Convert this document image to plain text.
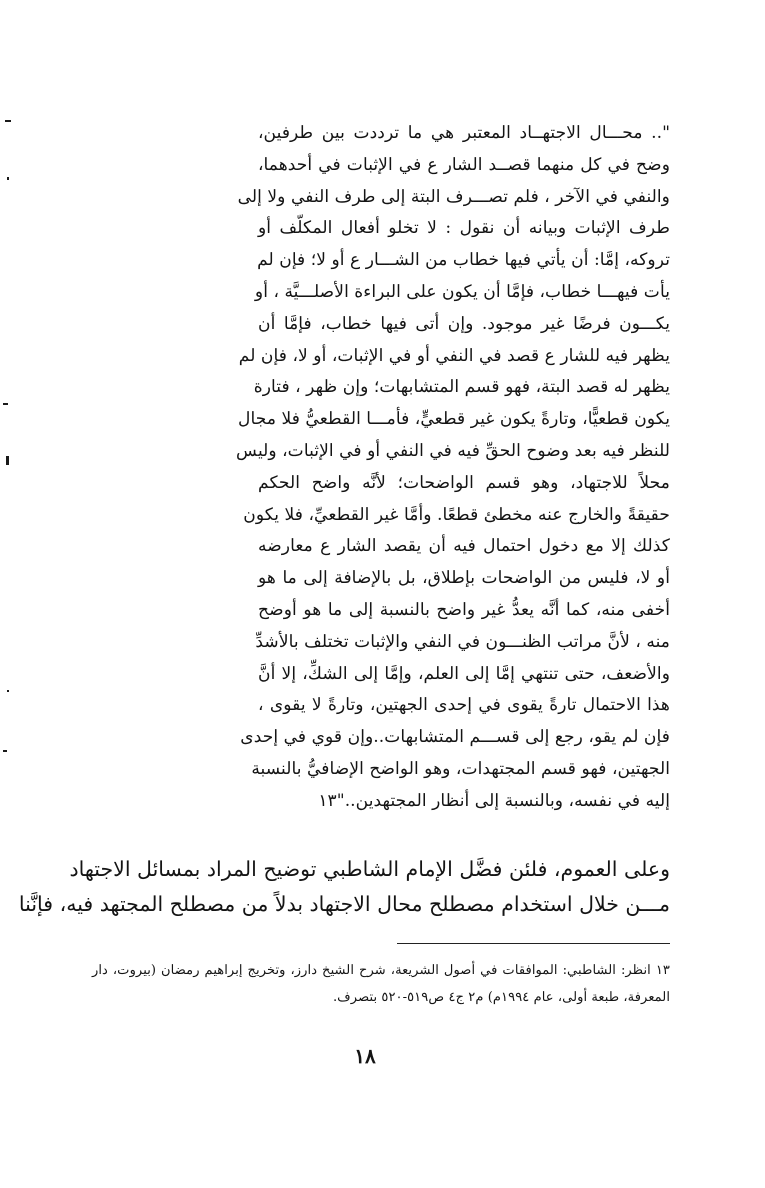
".. محـــال الاجتهــاد المعتبر هي ما ترددت بين طرفين،
وضح في كل منهما قصــد الشار ع في الإثبات في أحدهما،
والنفي في الآخر ، فلم تصـــرف البتة إلى طرف النفي ولا إلى
طرف الإثبات وبيانه أن نقول : لا تخلو أفعال المكلّف أو
تروكه، إمَّا: أن يأتي فيها خطاب من الشـــار ع أو لا؛ فإن لم
يأت فيهـــا خطاب، فإمَّا أن يكون على البراءة الأصلـــيَّة ، أو
يكـــون فرضًا غير موجود. وإن أتى فيها خطاب، فإمَّا أن
يظهر فيه للشار ع قصد في النفي أو في الإثبات، أو لا، فإن لم
يظهر له قصد البتة، فهو قسم المتشابهات؛ وإن ظهر ، فتارة
يكون قطعيًّا، وتارةً يكون غير قطعيٍّ، فأمـــا القطعيُّ فلا مجال
للنظر فيه بعد وضوح الحقِّ فيه في النفي أو في الإثبات، وليس
محلاً للاجتهاد، وهو قسم الواضحات؛ لأنَّه واضح الحكم
حقيقةً والخارج عنه مخطئ قطعًا. وأمَّا غير القطعيِّ، فلا يكون
كذلك إلا مع دخول احتمال فيه أن يقصد الشار ع معارضه
أو لا، فليس من الواضحات بإطلاق، بل بالإضافة إلى ما هو
أخفى منه، كما أنَّه يعدُّ غير واضح بالنسبة إلى ما هو أوضح
منه ، لأنَّ مراتب الظنـــون في النفي والإثبات تختلف بالأشدِّ
والأضعف، حتى تنتهي إمَّا إلى العلم، وإمَّا إلى الشكِّ، إلا أنَّ
هذا الاحتمال تارةً يقوى في إحدى الجهتين، وتارةً لا يقوى ،
فإن لم يقو، رجع إلى قســـم المتشابهات..وإن قوي في إحدى
الجهتين، فهو قسم المجتهدات، وهو الواضح الإضافيُّ بالنسبة
إليه في نفسه، وبالنسبة إلى أنظار المجتهدين.."١٣
وعلى العموم، فلئن فضَّل الإمام الشاطبي توضيح المراد بمسائل الاجتهاد
مـــن خلال استخدام مصطلح محال الاجتهاد بدلاً من مصطلح المجتهد فيه، فإنَّنا
١٣ انظر: الشاطبي: الموافقات في أصول الشريعة، شرح الشيخ دارز، وتخريج إبراهيم رمضان (بيروت، دار
المعرفة، طبعة أولى، عام ١٩٩٤م) م٢ ج٤ ص٥١٩-٥٢٠ بتصرف.
١٨
